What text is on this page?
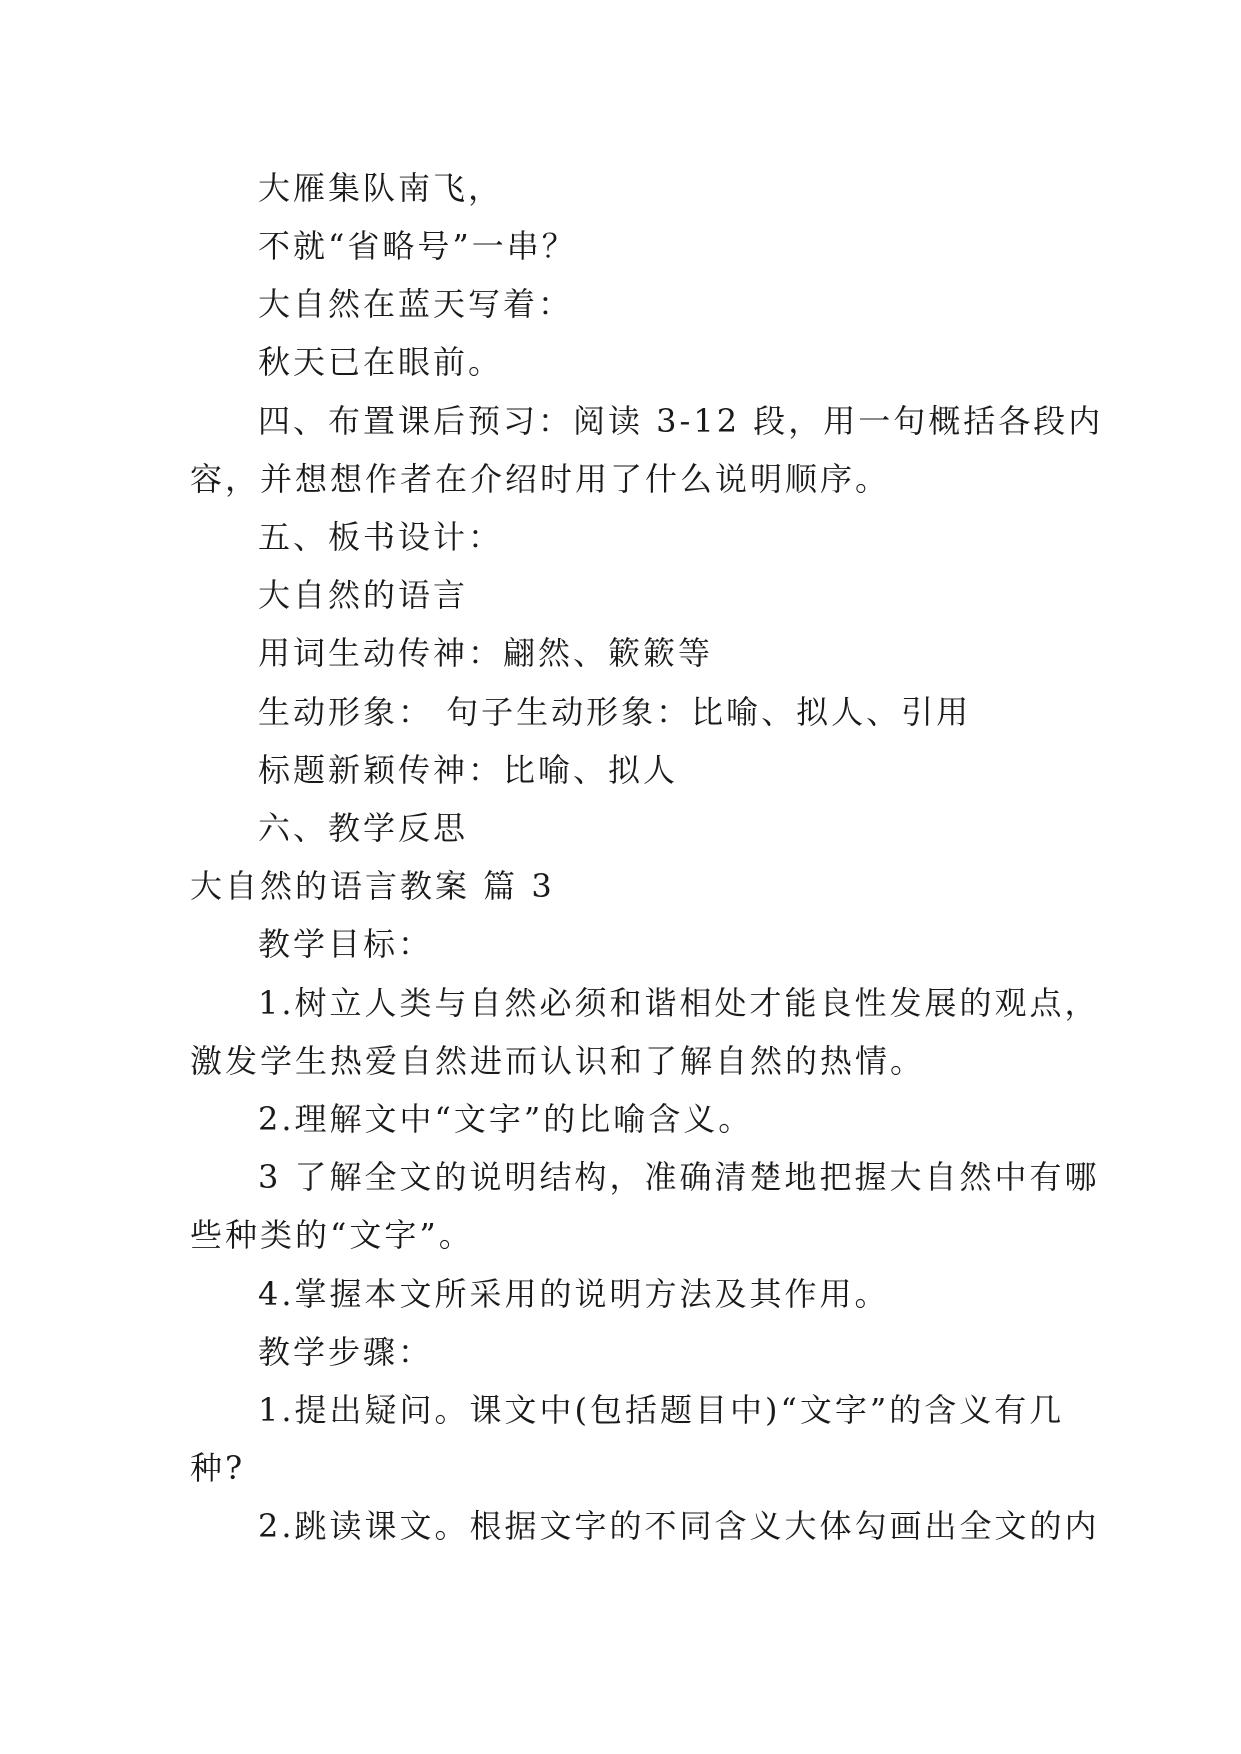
大雁集队南飞，
不就“省略号”一串？
大自然在蓝天写着：
秋天已在眼前。
四、布置课后预习：阅读 3-12 段，用一句概括各段内
容，并想想作者在介绍时用了什么说明顺序。
五、板书设计：
大自然的语言
用词生动传神：翩然、簌簌等
生动形象： 句子生动形象：比喻、拟人、引用
标题新颖传神：比喻、拟人
六、教学反思
大自然的语言教案 篇 3
教学目标：
1.树立人类与自然必须和谐相处才能良性发展的观点，
激发学生热爱自然进而认识和了解自然的热情。
2.理解文中“文字”的比喻含义。
3 了解全文的说明结构，准确清楚地把握大自然中有哪
些种类的“文字”。
4.掌握本文所采用的说明方法及其作用。
教学步骤：
1.提出疑问。课文中(包括题目中)“文字”的含义有几
种?
2.跳读课文。根据文字的不同含义大体勾画出全文的内
